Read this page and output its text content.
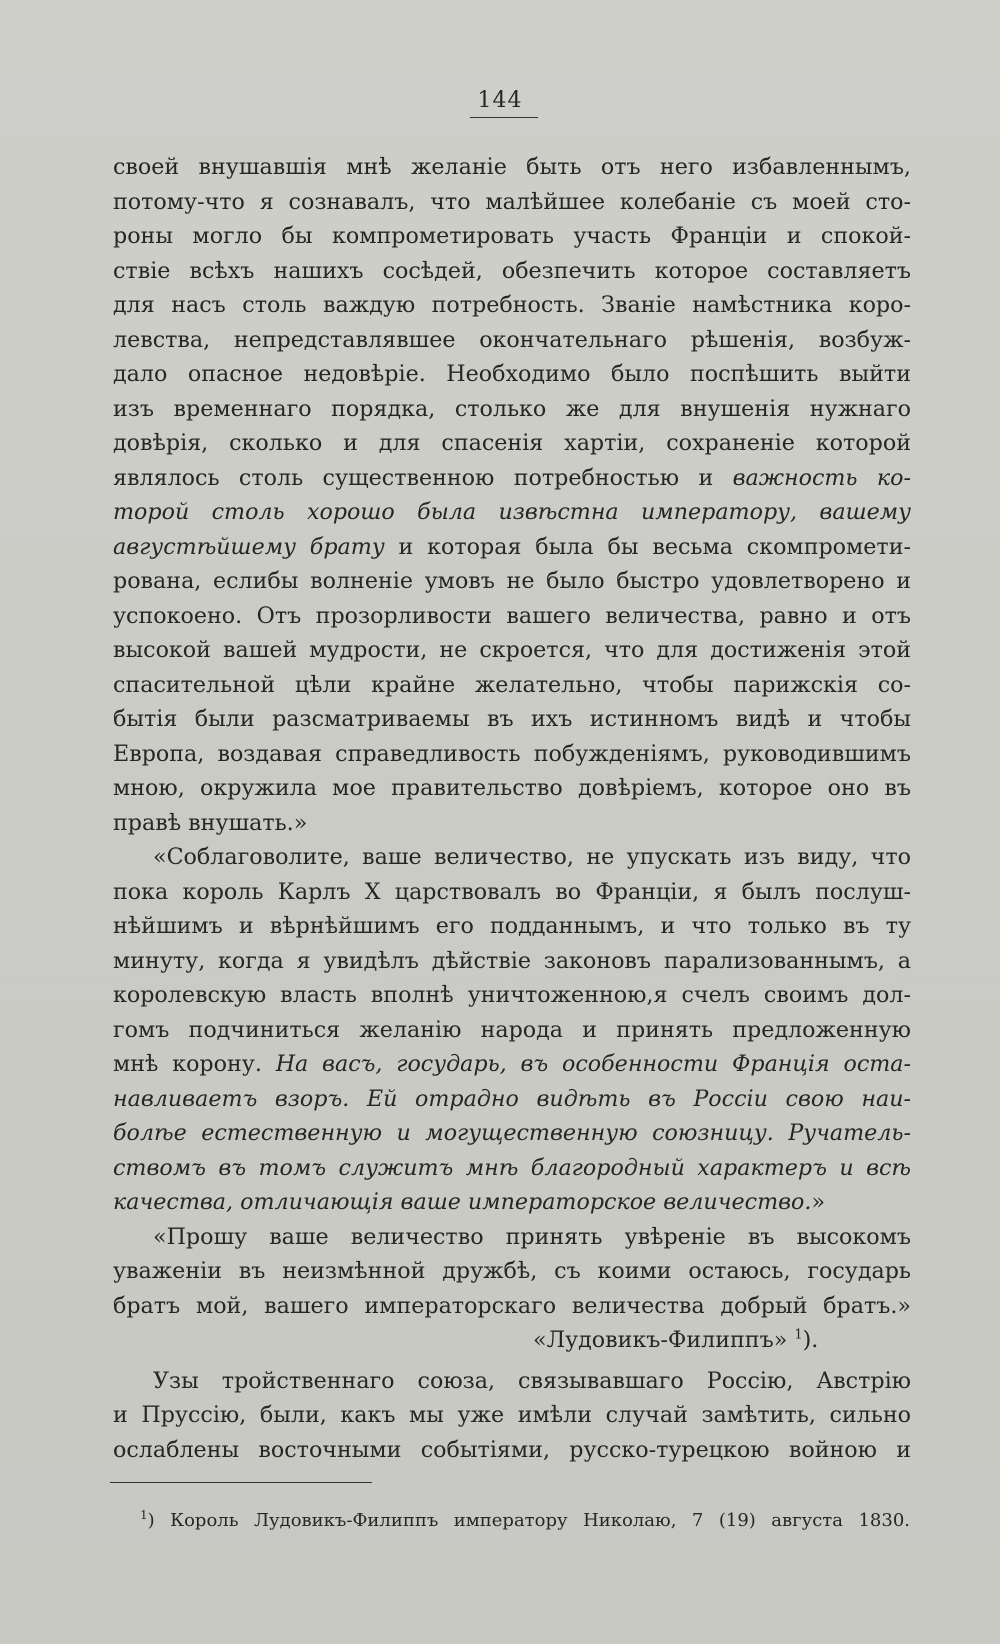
144
своей внушавшія мнѣ желаніе быть отъ него избавленнымъ,
потому-что я сознавалъ, что малѣйшее колебаніе съ моей сто-
роны могло бы компрометировать участь Франціи и спокой-
ствіе всѣхъ нашихъ сосѣдей, обезпечить которое составляетъ
для насъ столь важдую потребность. Званіе намѣстника коро-
левства, непредставлявшее окончательнаго рѣшенія, возбуж-
дало опасное недовѣріе. Необходимо было поспѣшить выйти
изъ временнаго порядка, столько же для внушенія нужнаго
довѣрія, сколько и для спасенія хартіи, сохраненіе которой
являлось столь существенною потребностью и важность ко-
торой столь хорошо была извѣстна императору, вашему
августѣйшему брату и которая была бы весьма скомпромети-
рована, еслибы волненіе умовъ не было быстро удовлетворено и
успокоено. Отъ прозорливости вашего величества, равно и отъ
высокой вашей мудрости, не скроется, что для достиженія этой
спасительной цѣли крайне желательно, чтобы парижскія со-
бытія были разсматриваемы въ ихъ истинномъ видѣ и чтобы
Европа, воздавая справедливость побужденіямъ, руководившимъ
мною, окружила мое правительство довѣріемъ, которое оно въ
правѣ внушать.»
«Соблаговолите, ваше величество, не упускать изъ виду, что
пока король Карлъ X царствовалъ во Франціи, я былъ послуш-
нѣйшимъ и вѣрнѣйшимъ его подданнымъ, и что только въ ту
минуту, когда я увидѣлъ дѣйствіе законовъ парализованнымъ, а
королевскую власть вполнѣ уничтоженною,я счелъ своимъ дол-
гомъ подчиниться желанію народа и принять предложенную
мнѣ корону. На васъ, государь, въ особенности Франція оста-
навливаетъ взоръ. Ей отрадно видѣть въ Россіи свою наи-
болѣе естественную и могущественную союзницу. Ручатель-
ствомъ въ томъ служитъ мнѣ благородный характеръ и всѣ
качества, отличающія ваше императорское величество.»
«Прошу ваше величество принять увѣреніе въ высокомъ
уваженіи въ неизмѣнной дружбѣ, съ коими остаюсь, государь
братъ мой, вашего императорскаго величества добрый братъ.»
«Лудовикъ-Филиппъ» $^1$).
Узы тройственнаго союза, связывавшаго Россію, Австрію
и Пруссію, были, какъ мы уже имѣли случай замѣтить, сильно
ослаблены восточными событіями, русско-турецкою войною и
$^1$) Король Лудовикъ-Филиппъ императору Николаю, 7 (19) августа 1830.
